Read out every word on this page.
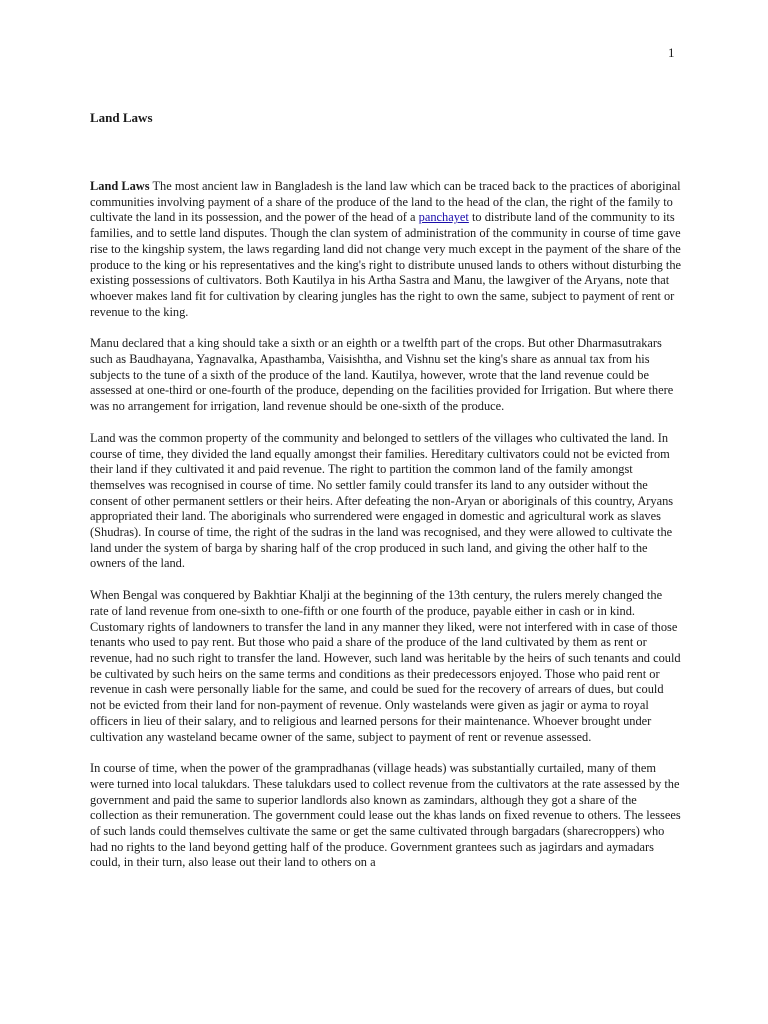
1
Land Laws

Land Laws The most ancient law in Bangladesh is the land law which can be traced back to the practices of aboriginal communities involving payment of a share of the produce of the land to the head of the clan, the right of the family to cultivate the land in its possession, and the power of the head of a panchayet to distribute land of the community to its families, and to settle land disputes. Though the clan system of administration of the community in course of time gave rise to the kingship system, the laws regarding land did not change very much except in the payment of the share of the produce to the king or his representatives and the king's right to distribute unused lands to others without disturbing the existing possessions of cultivators. Both Kautilya in his Artha Sastra and Manu, the lawgiver of the Aryans, note that whoever makes land fit for cultivation by clearing jungles has the right to own the same, subject to payment of rent or revenue to the king.

Manu declared that a king should take a sixth or an eighth or a twelfth part of the crops. But other Dharmasutrakars such as Baudhayana, Yagnavalka, Apasthamba, Vaisishtha, and Vishnu set the king's share as annual tax from his subjects to the tune of a sixth of the produce of the land. Kautilya, however, wrote that the land revenue could be assessed at one-third or one-fourth of the produce, depending on the facilities provided for Irrigation. But where there was no arrangement for irrigation, land revenue should be one-sixth of the produce.

Land was the common property of the community and belonged to settlers of the villages who cultivated the land. In course of time, they divided the land equally amongst their families. Hereditary cultivators could not be evicted from their land if they cultivated it and paid revenue. The right to partition the common land of the family amongst themselves was recognised in course of time. No settler family could transfer its land to any outsider without the consent of other permanent settlers or their heirs. After defeating the non-Aryan or aboriginals of this country, Aryans appropriated their land. The aboriginals who surrendered were engaged in domestic and agricultural work as slaves (Shudras). In course of time, the right of the sudras in the land was recognised, and they were allowed to cultivate the land under the system of barga by sharing half of the crop produced in such land, and giving the other half to the owners of the land.

When Bengal was conquered by Bakhtiar Khalji at the beginning of the 13th century, the rulers merely changed the rate of land revenue from one-sixth to one-fifth or one fourth of the produce, payable either in cash or in kind. Customary rights of landowners to transfer the land in any manner they liked, were not interfered with in case of those tenants who used to pay rent. But those who paid a share of the produce of the land cultivated by them as rent or revenue, had no such right to transfer the land. However, such land was heritable by the heirs of such tenants and could be cultivated by such heirs on the same terms and conditions as their predecessors enjoyed. Those who paid rent or revenue in cash were personally liable for the same, and could be sued for the recovery of arrears of dues, but could not be evicted from their land for non-payment of revenue. Only wastelands were given as jagir or ayma to royal officers in lieu of their salary, and to religious and learned persons for their maintenance. Whoever brought under cultivation any wasteland became owner of the same, subject to payment of rent or revenue assessed.

In course of time, when the power of the grampradhanas (village heads) was substantially curtailed, many of them were turned into local talukdars. These talukdars used to collect revenue from the cultivators at the rate assessed by the government and paid the same to superior landlords also known as zamindars, although they got a share of the collection as their remuneration. The government could lease out the khas lands on fixed revenue to others. The lessees of such lands could themselves cultivate the same or get the same cultivated through bargadars (sharecroppers) who had no rights to the land beyond getting half of the produce. Government grantees such as jagirdars and aymadars could, in their turn, also lease out their land to others on a
